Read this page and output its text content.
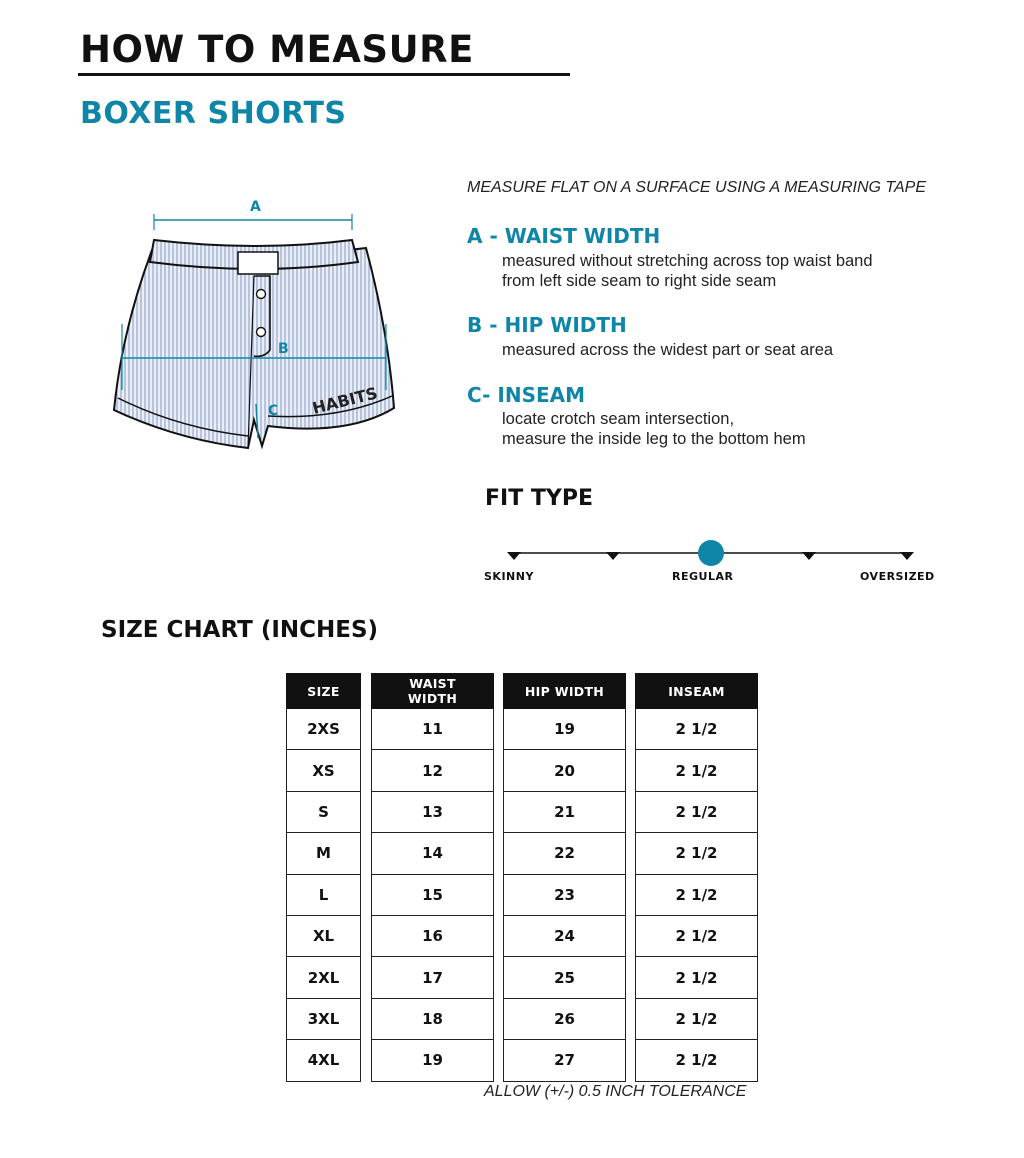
HOW TO MEASURE
BOXER SHORTS
A
B
C HABITS
MEASURE FLAT ON A SURFACE USING A MEASURING TAPE
A - WAIST WIDTH
measured without stretching across top waist band
from left side seam to right side seam
B - HIP WIDTH
measured across the widest part or seat area
C- INSEAM
locate crotch seam intersection,
measure the inside leg to the bottom hem
FIT TYPE
SKINNY	REGULAR	OVERSIZED
SIZE CHART (INCHES)
SIZE
2XS
XS
S
M
L
XL
2XL
3XL
4XL
WAIST WIDTH
11
12
13
14
15
16
17
18
19
HIP WIDTH
19
20
21
22
23
24
25
26
27
INSEAM
2 1/2
2 1/2
2 1/2
2 1/2
2 1/2
2 1/2
2 1/2
2 1/2
2 1/2
ALLOW (+/-) 0.5 INCH TOLERANCE
